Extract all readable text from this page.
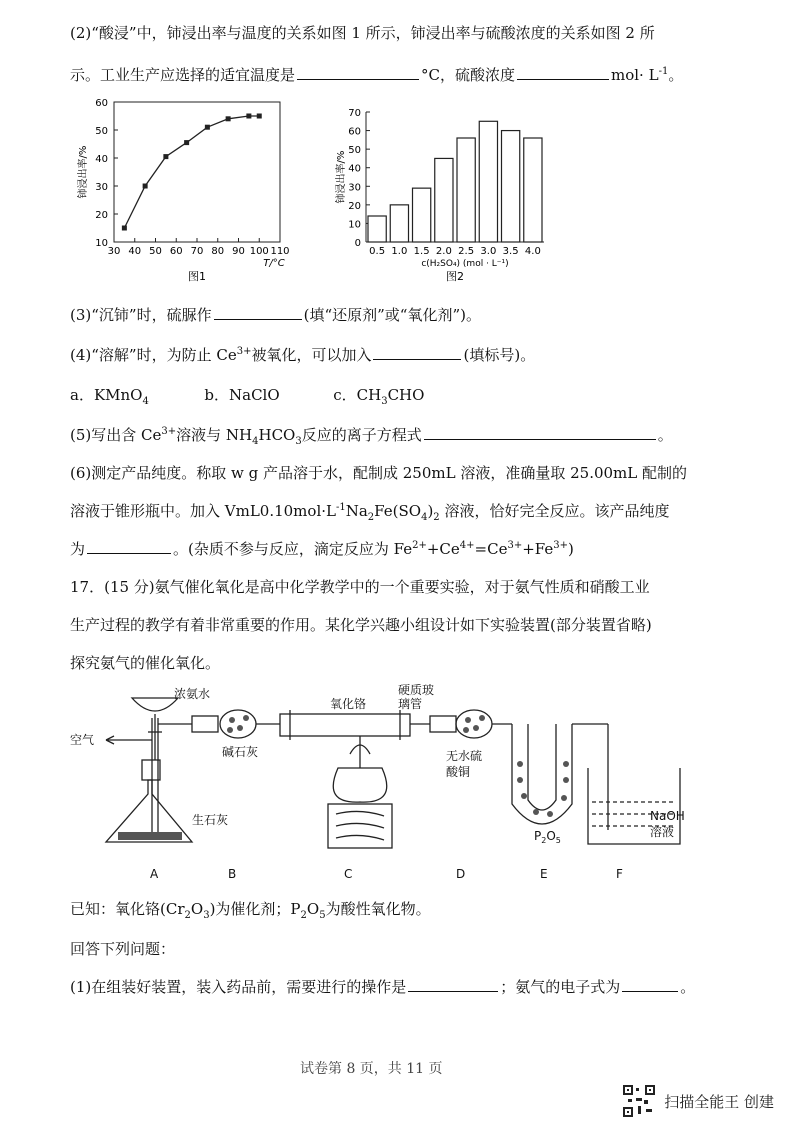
(2)“酸浸”中，铈浸出率与温度的关系如图 1 所示，铈浸出率与硫酸浓度的关系如图 2 所
示。工业生产应选择的适宜温度是	°C，硫酸浓度	$mol\cdot L^{-1}$。
10
20
30
40
50
60
30 40 50 60 70 80 90 100 110
铈浸出率/%
T/°C
图1
0
10
20
30
40
50
60
70
0.5 1.0 1.5 2.0 2.5 3.0 3.5 4.0
铈浸出率/%
c(H₂SO₄) (mol · L⁻¹)
图2
(3)“沉铈”时，硫脲作	(填“还原剂”或“氧化剂”)。
(4)“溶解”时，为防止 $Ce^{3+}$被氧化，可以加入	(填标号)。
a．KMnO$_4$	b．NaClO	c．$CH_3CHO$
(5)写出含 $Ce^{3+}$溶液与 $NH_4HCO_3$反应的离子方程式	。
(6)测定产品纯度。称取 w g 产品溶于水，配制成 250mL 溶液，准确量取 25.00mL 配制的
溶液于锥形瓶中。加入 $VmL0.10mol\cdot L^{-1}Na_2Fe(SO_4)_2$ 溶液，恰好完全反应。该产品纯度
为	。(杂质不参与反应，滴定反应为 $Fe^{2+}+Ce^{4+}=Ce^{3+}+Fe^{3+}$)
17．(15 分)氨气催化氧化是高中化学教学中的一个重要实验，对于氨气性质和硝酸工业
生产过程的教学有着非常重要的作用。某化学兴趣小组设计如下实验装置(部分装置省略)
探究氨气的催化氧化。
浓氨水
空气
碱石灰
生石灰
氧化铬
硬质玻
璃管
无水硫
酸铜
$P_2O_5$
NaOH
溶液
A	B	C	D	E	F
已知：氧化铬$(Cr_2O_3)$为催化剂；$P_2O_5$为酸性氧化物。
回答下列问题：
(1)在组装好装置，装入药品前，需要进行的操作是	；氨气的电子式为	。
试卷第 8 页，共 11 页
扫描全能王 创建
